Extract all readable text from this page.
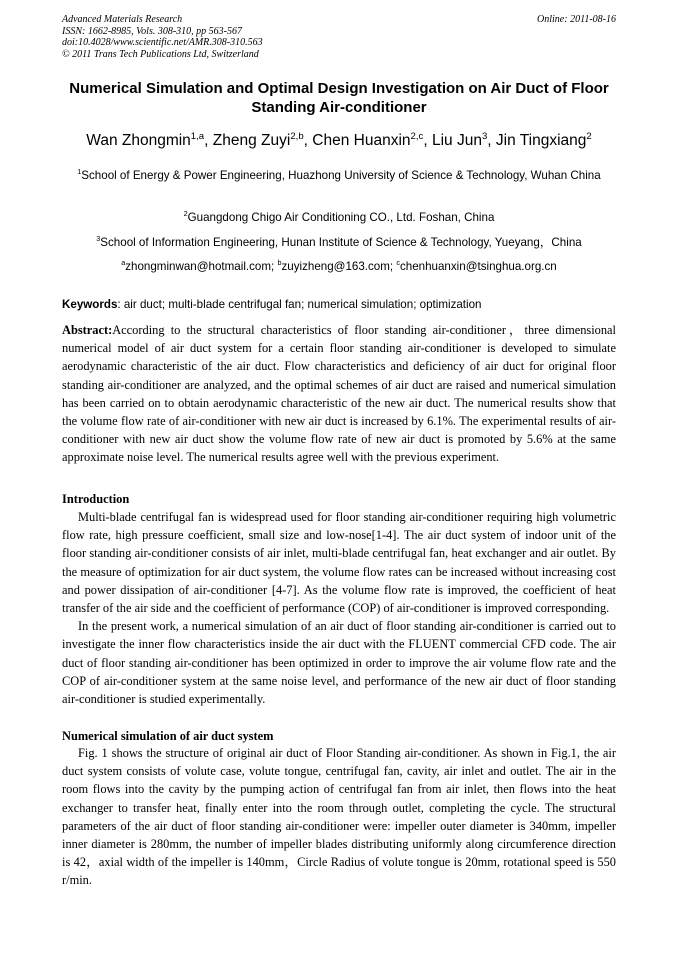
Advanced Materials Research
ISSN: 1662-8985, Vols. 308-310, pp 563-567
doi:10.4028/www.scientific.net/AMR.308-310.563
© 2011 Trans Tech Publications Ltd, Switzerland
Online: 2011-08-16
Numerical Simulation and Optimal Design Investigation on Air Duct of Floor Standing Air-conditioner
Wan Zhongmin$^{1,a}$, Zheng Zuyi$^{2,b}$, Chen Huanxin$^{2,c}$, Liu Jun$^3$, Jin Tingxiang$^2$
$^1$School of Energy & Power Engineering, Huazhong University of Science & Technology, Wuhan China
$^2$Guangdong Chigo Air Conditioning CO., Ltd. Foshan, China
$^3$School of Information Engineering, Hunan Institute of Science & Technology, Yueyang，China
$^a$zhongminwan@hotmail.com; $^b$zuyizheng@163.com; $^c$chenhuanxin@tsinghua.org.cn
Keywords: air duct; multi-blade centrifugal fan; numerical simulation; optimization

Abstract:According to the structural characteristics of floor standing air-conditioner，three dimensional numerical model of air duct system for a certain floor standing air-conditioner is developed to simulate aerodynamic characteristic of the air duct. Flow characteristics and deficiency of air duct for original floor standing air-conditioner are analyzed, and the optimal schemes of air duct are raised and numerical simulation has been carried on to obtain aerodynamic characteristic of the new air duct. The numerical results show that the volume flow rate of air-conditioner with new air duct is increased by 6.1%. The experimental results of air-conditioner with new air duct show the volume flow rate of new air duct is promoted by 5.6% at the same approximate noise level. The numerical results agree well with the previous experiment.

Introduction

Multi-blade centrifugal fan is widespread used for floor standing air-conditioner requiring high volumetric flow rate, high pressure coefficient, small size and low-nose[1-4]. The air duct system of indoor unit of the floor standing air-conditioner consists of air inlet, multi-blade centrifugal fan, heat exchanger and air outlet. By the measure of optimization for air duct system, the volume flow rates can be increased without increasing cost and power dissipation of air-conditioner [4-7]. As the volume flow rate is improved, the coefficient of heat transfer of the air side and the coefficient of performance (COP) of air-conditioner is improved corresponding.

In the present work, a numerical simulation of an air duct of floor standing air-conditioner is carried out to investigate the inner flow characteristics inside the air duct with the FLUENT commercial CFD code. The air duct of floor standing air-conditioner has been optimized in order to improve the air volume flow rate and the COP of air-conditioner system at the same noise level, and performance of the new air duct of floor standing air-conditioner is studied experimentally.

Numerical simulation of air duct system

Fig. 1 shows the structure of original air duct of Floor Standing air-conditioner. As shown in Fig.1, the air duct system consists of volute case, volute tongue, centrifugal fan, cavity, air inlet and outlet. The air in the room flows into the cavity by the pumping action of centrifugal fan from air inlet, then flows into the heat exchanger to transfer heat, finally enter into the room through outlet, completing the cycle. The structural parameters of the air duct of floor standing air-conditioner were: impeller outer diameter is 340mm, impeller inner diameter is 280mm, the number of impeller blades distributing uniformly along circumference direction is 42，axial width of the impeller is 140mm，Circle Radius of volute tongue is 20mm, rotational speed is 550 r/min.
